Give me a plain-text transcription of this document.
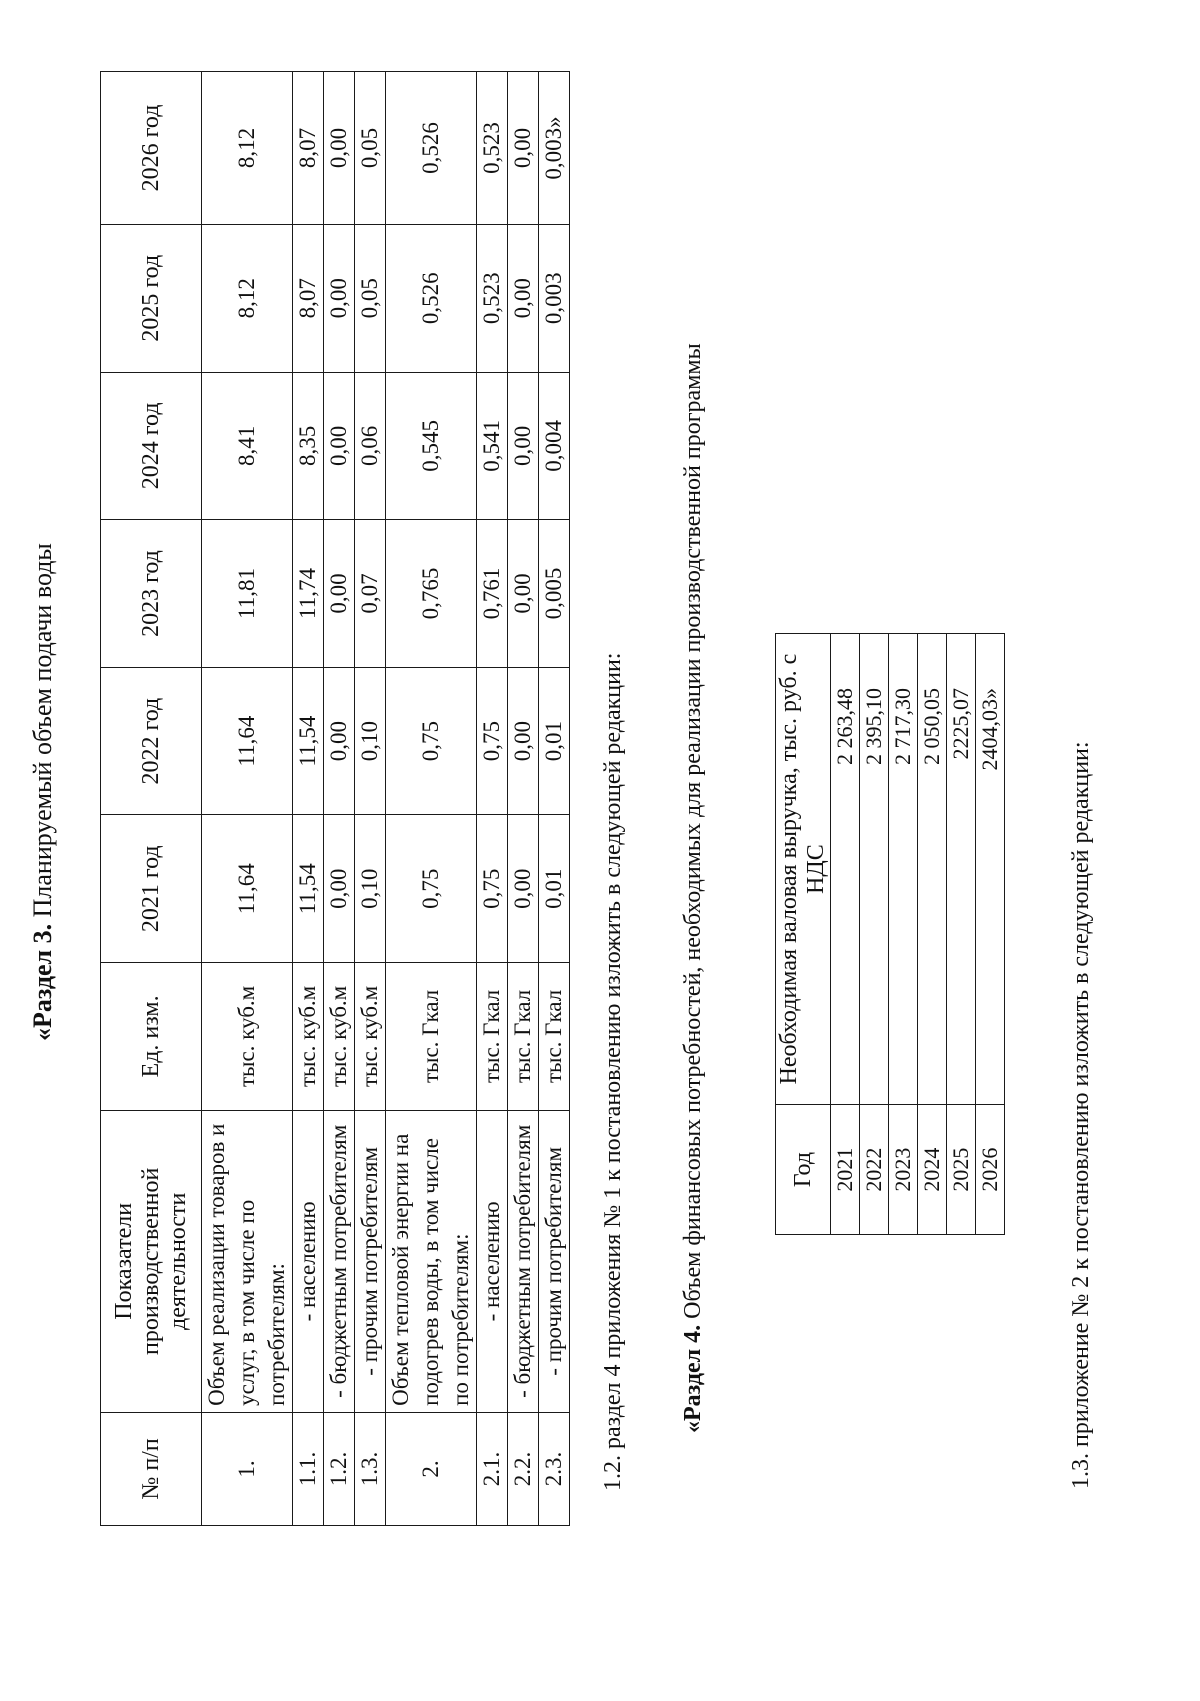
«Раздел 3. Планируемый объем подачи воды
№ п/п	Показатели производственной деятельности	Ед. изм.	2021 год	2022 год	2023 год	2024 год	2025 год	2026 год
1.	Объем реализации товаров и услуг, в том числе по потребителям:	тыс. куб.м	11,64	11,64	11,81	8,41	8,12	8,12
1.1.	- населению	тыс. куб.м	11,54	11,54	11,74	8,35	8,07	8,07
1.2.	- бюджетным потребителям	тыс. куб.м	0,00	0,00	0,00	0,00	0,00	0,00
1.3.	- прочим потребителям	тыс. куб.м	0,10	0,10	0,07	0,06	0,05	0,05
2.	Объем тепловой энергии на подогрев воды, в том числе по потребителям:	тыс. Гкал	0,75	0,75	0,765	0,545	0,526	0,526
2.1.	- населению	тыс. Гкал	0,75	0,75	0,761	0,541	0,523	0,523
2.2.	- бюджетным потребителям	тыс. Гкал	0,00	0,00	0,00	0,00	0,00	0,00
2.3.	- прочим потребителям	тыс. Гкал	0,01	0,01	0,005	0,004	0,003	0,003»
1.2. раздел 4 приложения № 1 к постановлению изложить в следующей редакции: «Раздел 4. Объем финансовых потребностей, необходимых для реализации производственной программы	Год	Необходимая валовая выручка, тыс. руб. с НДС
2021	2 263,48
2022	2 395,10
2023	2 717,30
2024	2 050,05
2025	2225,07
2026	2404,03»
1.3. приложение № 2 к постановлению изложить в следующей редакции:
